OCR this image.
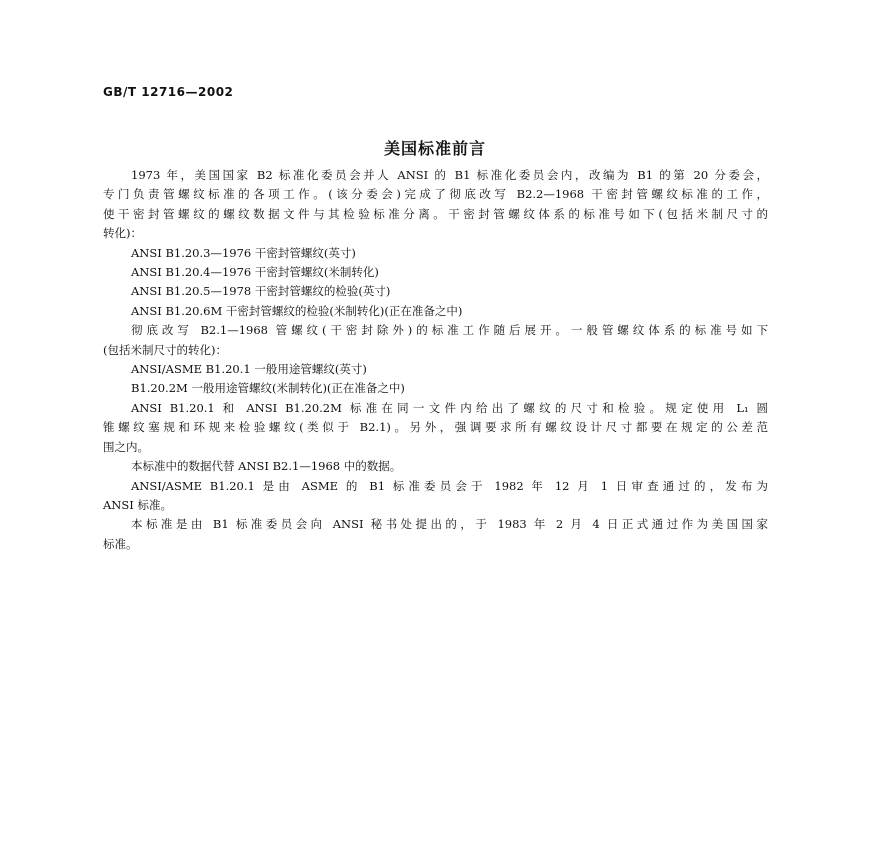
GB/T 12716—2002
美国标准前言
1973 年，美国国家 B2 标准化委员会并人 ANSI 的 B1 标准化委员会内，改编为 B1 的第 20 分委会，
专门负责管螺纹标准的各项工作。(该分委会)完成了彻底改写 B2.2—1968 干密封管螺纹标准的工作，
使干密封管螺纹的螺纹数据文件与其检验标准分离。干密封管螺纹体系的标准号如下(包括米制尺寸的
转化)：
ANSI B1.20.3—1976 干密封管螺纹(英寸)
ANSI B1.20.4—1976 干密封管螺纹(米制转化)
ANSI B1.20.5—1978 干密封管螺纹的检验(英寸)
ANSI B1.20.6M 干密封管螺纹的检验(米制转化)(正在准备之中)
彻底改写 B2.1—1968 管螺纹(干密封除外)的标准工作随后展开。一般管螺纹体系的标准号如下
(包括米制尺寸的转化)：
ANSI/ASME B1.20.1 一般用途管螺纹(英寸)
B1.20.2M 一般用途管螺纹(米制转化)(正在准备之中)
ANSI B1.20.1 和 ANSI B1.20.2M 标准在同一文件内给出了螺纹的尺寸和检验。规定使用 L₁ 圆
锥螺纹塞规和环规来检验螺纹(类似于 B2.1)。另外，强调要求所有螺纹设计尺寸都要在规定的公差范
围之内。
本标准中的数据代替 ANSI B2.1—1968 中的数据。
ANSI/ASME B1.20.1 是由 ASME 的 B1 标准委员会于 1982 年 12 月 1 日审查通过的，发布为
ANSI 标准。
本标准是由 B1 标准委员会向 ANSI 秘书处提出的，于 1983 年 2 月 4 日正式通过作为美国国家
标准。
